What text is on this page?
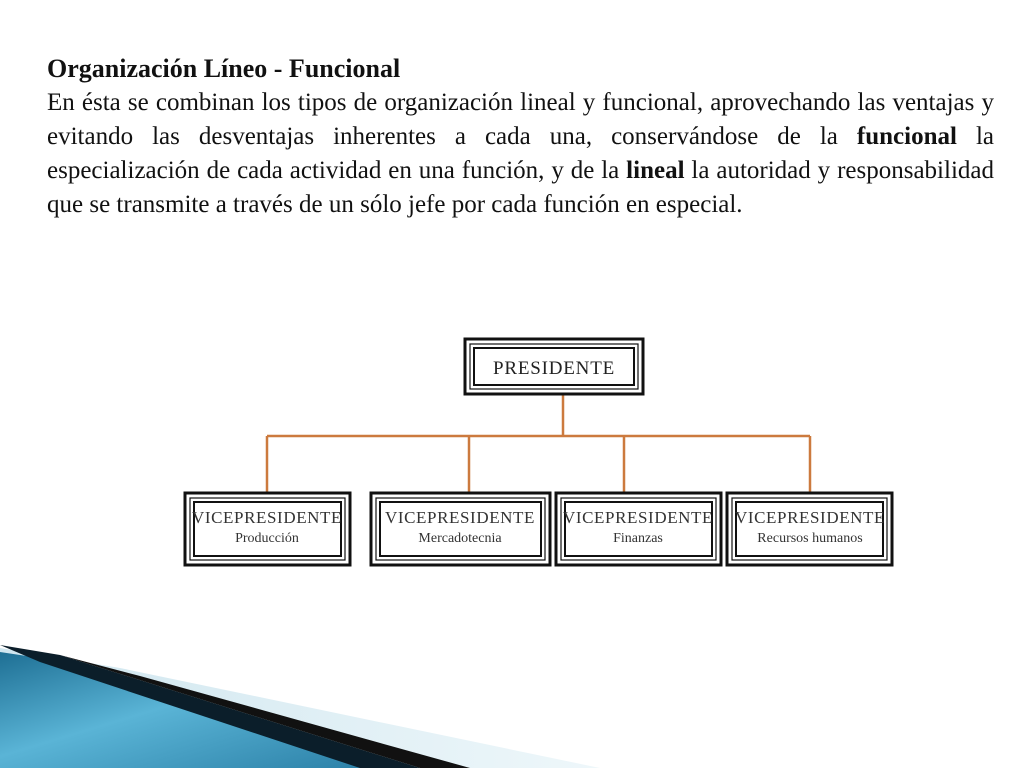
Organización Líneo - Funcional

En ésta se combinan los tipos de organización lineal y funcional, aprovechando las ventajas y evitando las desventajas inherentes a cada una, conservándose de la funcional la especialización de cada actividad en una función, y de la lineal la autoridad y responsabilidad que se transmite a través de un sólo jefe por cada función en especial.

PRESIDENTE
VICEPRESIDENTE
Producción
VICEPRESIDENTE
Mercadotecnia
VICEPRESIDENTE
Finanzas
VICEPRESIDENTE
Recursos humanos
